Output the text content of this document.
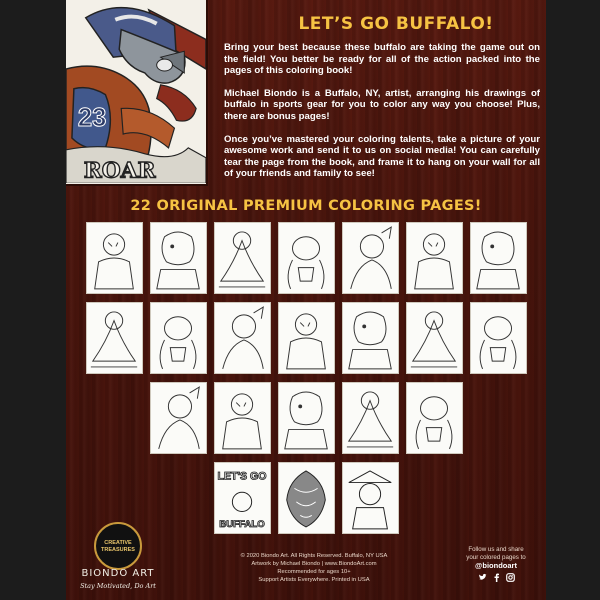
23
ROAR
LET’S GO BUFFALO!

Bring your best because these buffalo are taking the game out on the field! You better be ready for all of the action packed into the pages of this coloring book!

Michael Biondo is a Buffalo, NY, artist, arranging his drawings of buffalo in sports gear for you to color any way you choose! Plus, there are bonus pages!

Once you’ve mastered your coloring talents, take a picture of your awesome work and send it to us on social media! You can carefully tear the page from the book, and frame it to hang on your wall for all of your friends and family to see!

22 ORIGINAL PREMIUM COLORING PAGES!
LET'S GO
BUFFALO
CREATIVE
TREASURES
BIONDO ART
Stay Motivated, Do Art
© 2020 Biondo Art. All Rights Reserved. Buffalo, NY USA
Artwork by Michael Biondo | www.BiondoArt.com
Recommended for ages 10+
Support Artists Everywhere. Printed in USA
Follow us and share
your colored pages to
@biondoart
